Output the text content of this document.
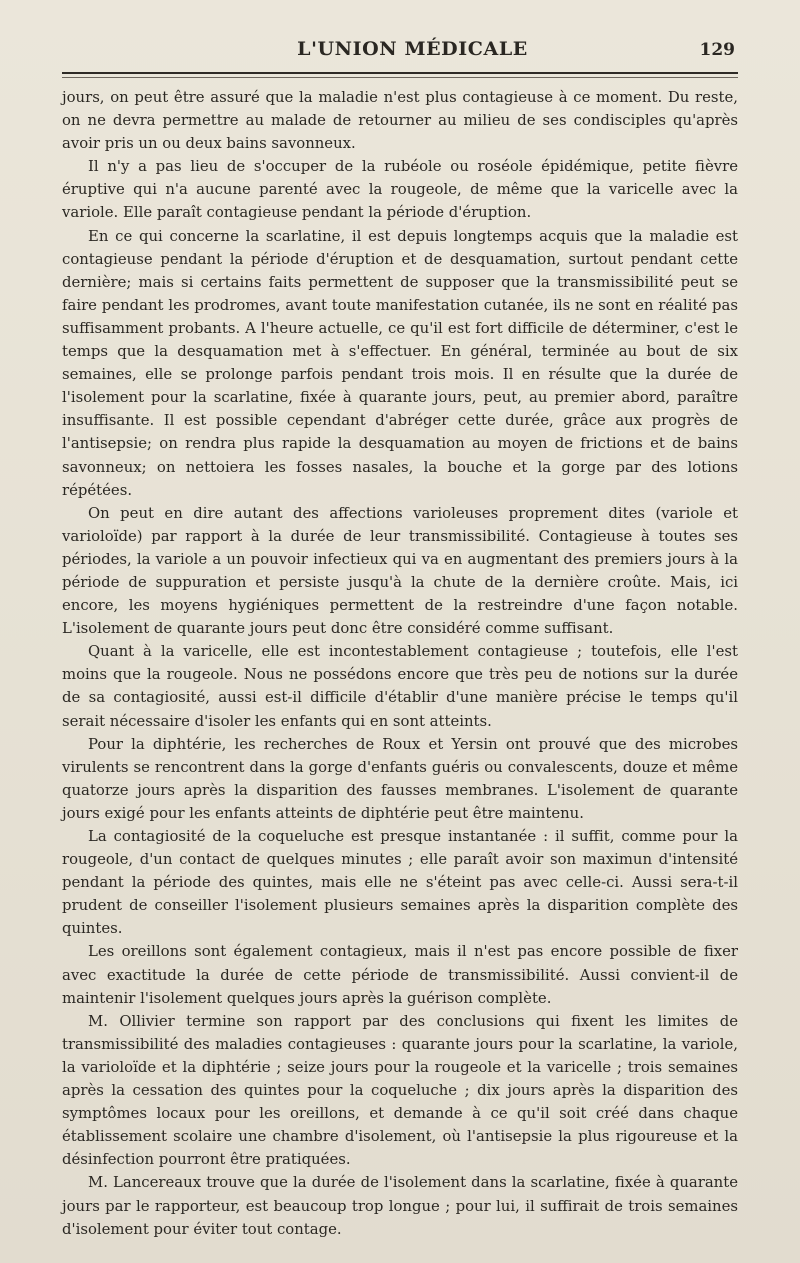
L'UNION MÉDICALE	129

jours, on peut être assuré que la maladie n'est plus contagieuse à ce moment. Du reste, on ne devra permettre au malade de retourner au milieu de ses condisciples qu'après avoir pris un ou deux bains savonneux.

Il n'y a pas lieu de s'occuper de la rubéole ou roséole épidémique, petite fièvre éruptive qui n'a aucune parenté avec la rougeole, de même que la varicelle avec la variole. Elle paraît contagieuse pendant la période d'éruption.

En ce qui concerne la scarlatine, il est depuis longtemps acquis que la maladie est contagieuse pendant la période d'éruption et de desquamation, surtout pendant cette dernière; mais si certains faits permettent de supposer que la transmissibilité peut se faire pendant les prodromes, avant toute manifestation cutanée, ils ne sont en réalité pas suffisamment probants. A l'heure actuelle, ce qu'il est fort difficile de déterminer, c'est le temps que la desquamation met à s'effectuer. En général, terminée au bout de six semaines, elle se prolonge parfois pendant trois mois. Il en résulte que la durée de l'isolement pour la scarlatine, fixée à quarante jours, peut, au premier abord, paraître insuffisante. Il est possible cependant d'abréger cette durée, grâce aux progrès de l'antisepsie; on rendra plus rapide la desquamation au moyen de frictions et de bains savonneux; on nettoiera les fosses nasales, la bouche et la gorge par des lotions répétées.

On peut en dire autant des affections varioleuses proprement dites (variole et varioloïde) par rapport à la durée de leur transmissibilité. Contagieuse à toutes ses périodes, la variole a un pouvoir infectieux qui va en augmentant des premiers jours à la période de suppuration et persiste jusqu'à la chute de la dernière croûte. Mais, ici encore, les moyens hygiéniques permettent de la restreindre d'une façon notable. L'isolement de quarante jours peut donc être considéré comme suffisant.

Quant à la varicelle, elle est incontestablement contagieuse ; toutefois, elle l'est moins que la rougeole. Nous ne possédons encore que très peu de notions sur la durée de sa contagiosité, aussi est-il difficile d'établir d'une manière précise le temps qu'il serait nécessaire d'isoler les enfants qui en sont atteints.

Pour la diphtérie, les recherches de Roux et Yersin ont prouvé que des microbes virulents se rencontrent dans la gorge d'enfants guéris ou convalescents, douze et même quatorze jours après la disparition des fausses membranes. L'isolement de quarante jours exigé pour les enfants atteints de diphtérie peut être maintenu.

La contagiosité de la coqueluche est presque instantanée : il suffit, comme pour la rougeole, d'un contact de quelques minutes ; elle paraît avoir son maximun d'intensité pendant la période des quintes, mais elle ne s'éteint pas avec celle-ci. Aussi sera-t-il prudent de conseiller l'isolement plusieurs semaines après la disparition complète des quintes.

Les oreillons sont également contagieux, mais il n'est pas encore possible de fixer avec exactitude la durée de cette période de transmissibilité. Aussi convient-il de maintenir l'isolement quelques jours après la guérison complète.

M. Ollivier termine son rapport par des conclusions qui fixent les limites de transmissibilité des maladies contagieuses : quarante jours pour la scarlatine, la variole, la varioloïde et la diphtérie ; seize jours pour la rougeole et la varicelle ; trois semaines après la cessation des quintes pour la coqueluche ; dix jours après la disparition des symptômes locaux pour les oreillons, et demande à ce qu'il soit créé dans chaque établissement scolaire une chambre d'isolement, où l'antisepsie la plus rigoureuse et la désinfection pourront être pratiquées.

M. Lancereaux trouve que la durée de l'isolement dans la scarlatine, fixée à quarante jours par le rapporteur, est beaucoup trop longue ; pour lui, il suffirait de trois semaines d'isolement pour éviter tout contage.
